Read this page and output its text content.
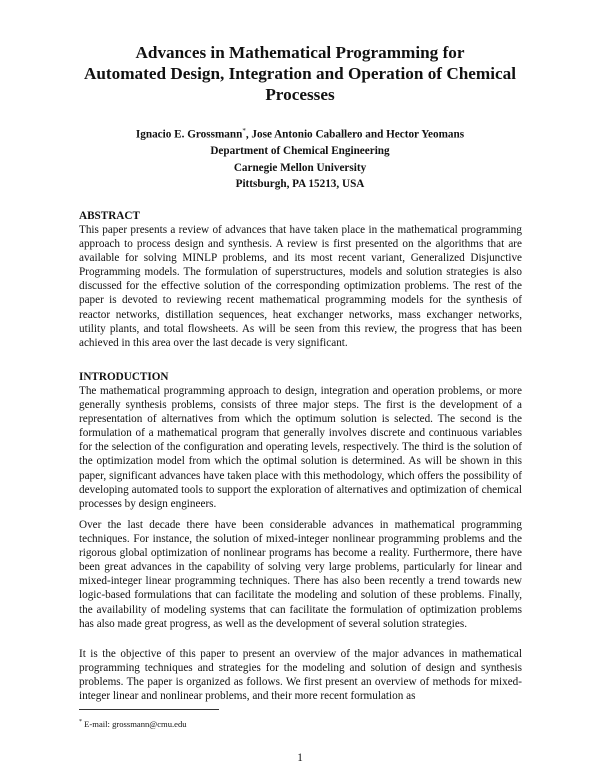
Advances in Mathematical Programming for
Automated Design, Integration and Operation of Chemical
Processes
Ignacio E. Grossmann*, Jose Antonio Caballero and Hector Yeomans
Department of Chemical Engineering
Carnegie Mellon University
Pittsburgh, PA 15213, USA
ABSTRACT

This paper presents a review of advances that have taken place in the mathematical programming approach to process design and synthesis. A review is first presented on the algorithms that are available for solving MINLP problems, and its most recent variant, Generalized Disjunctive Programming models. The formulation of superstructures, models and solution strategies is also discussed for the effective solution of the corresponding optimization problems. The rest of the paper is devoted to reviewing recent mathematical programming models for the synthesis of reactor networks, distillation sequences, heat exchanger networks, mass exchanger networks, utility plants, and total flowsheets. As will be seen from this review, the progress that has been achieved in this area over the last decade is very significant.

INTRODUCTION

The mathematical programming approach to design, integration and operation problems, or more generally synthesis problems, consists of three major steps. The first is the development of a representation of alternatives from which the optimum solution is selected. The second is the formulation of a mathematical program that generally involves discrete and continuous variables for the selection of the configuration and operating levels, respectively. The third is the solution of the optimization model from which the optimal solution is determined. As will be shown in this paper, significant advances have taken place with this methodology, which offers the possibility of developing automated tools to support the exploration of alternatives and optimization of chemical processes by design engineers.

Over the last decade there have been considerable advances in mathematical programming techniques. For instance, the solution of mixed-integer nonlinear programming problems and the rigorous global optimization of nonlinear programs has become a reality. Furthermore, there have been great advances in the capability of solving very large problems, particularly for linear and mixed-integer linear programming techniques. There has also been recently a trend towards new logic-based formulations that can facilitate the modeling and solution of these problems. Finally, the availability of modeling systems that can facilitate the formulation of optimization problems has also made great progress, as well as the development of several solution strategies.

It is the objective of this paper to present an overview of the major advances in mathematical programming techniques and strategies for the modeling and solution of design and synthesis problems. The paper is organized as follows. We first present an overview of methods for mixed-integer linear and nonlinear problems, and their more recent formulation as

* E-mail: grossmann@cmu.edu
1
